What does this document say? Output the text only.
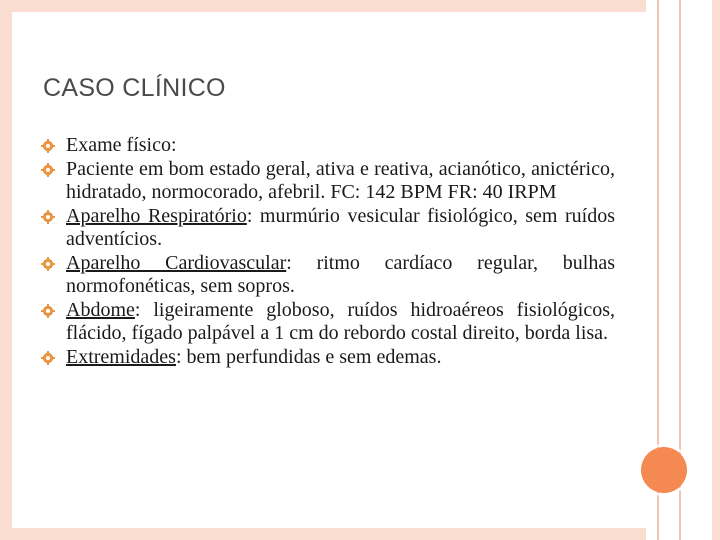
CASO CLÍNICO

Exame físico:

Paciente em bom estado geral, ativa e reativa, acianótico, anictérico, hidratado, normocorado, afebril. FC: 142 BPM FR: 40 IRPM

Aparelho Respiratório: murmúrio vesicular fisiológico, sem ruídos adventícios.

Aparelho Cardiovascular: ritmo cardíaco regular, bulhas normofonéticas, sem sopros.

Abdome: ligeiramente globoso, ruídos hidroaéreos fisiológicos, flácido, fígado palpável a 1 cm do rebordo costal direito, borda lisa.

Extremidades: bem perfundidas e sem edemas.
